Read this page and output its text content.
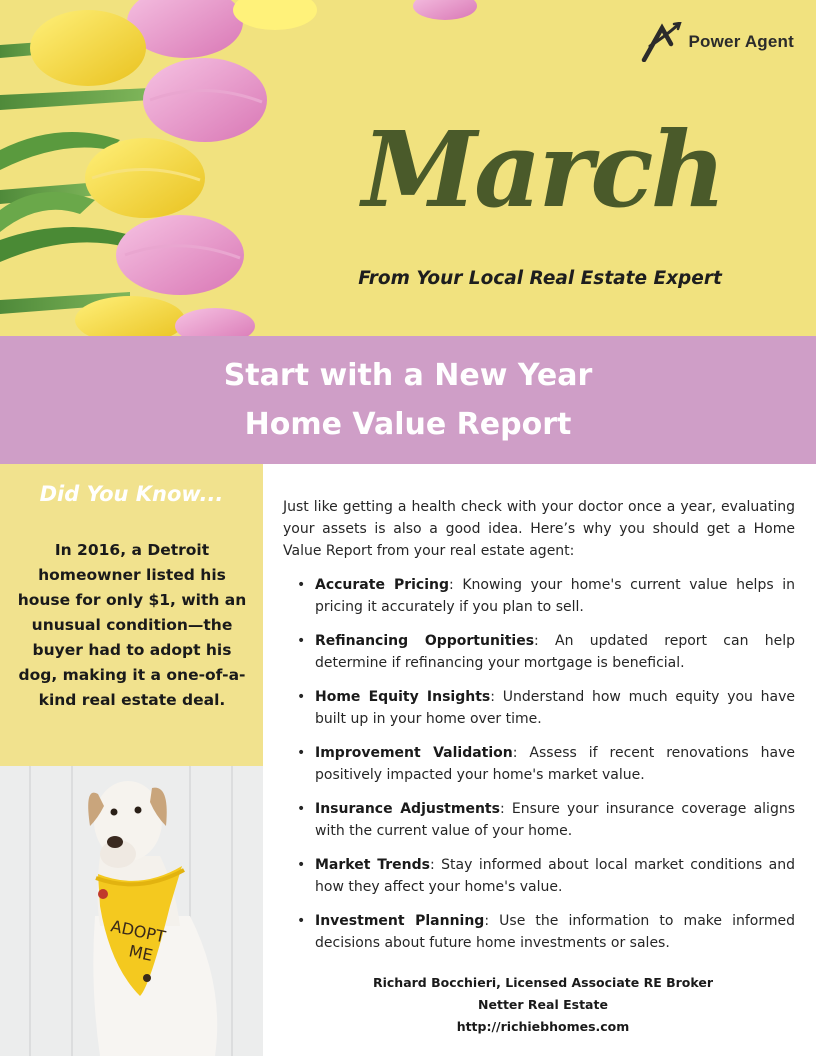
Power Agent
March
From Your Local Real Estate Expert
Start with a New Year
Home Value Report
Did You Know...
In 2016, a Detroit homeowner listed his house for only $1, with an unusual condition—the buyer had to adopt his dog, making it a one-of-a-kind real estate deal.
ADOPT
ME

Just like getting a health check with your doctor once a year, evaluating your assets is also a good idea. Here’s why you should get a Home Value Report from your real estate agent:

• Accurate Pricing: Knowing your home's current value helps in pricing it accurately if you plan to sell.
• Refinancing Opportunities: An updated report can help determine if refinancing your mortgage is beneficial.
• Home Equity Insights: Understand how much equity you have built up in your home over time.
• Improvement Validation: Assess if recent renovations have positively impacted your home's market value.
• Insurance Adjustments: Ensure your insurance coverage aligns with the current value of your home.
• Market Trends: Stay informed about local market conditions and how they affect your home's value.
• Investment Planning: Use the information to make informed decisions about future home investments or sales.
Richard Bocchieri, Licensed Associate RE Broker
Netter Real Estate
http://richiebhomes.com
